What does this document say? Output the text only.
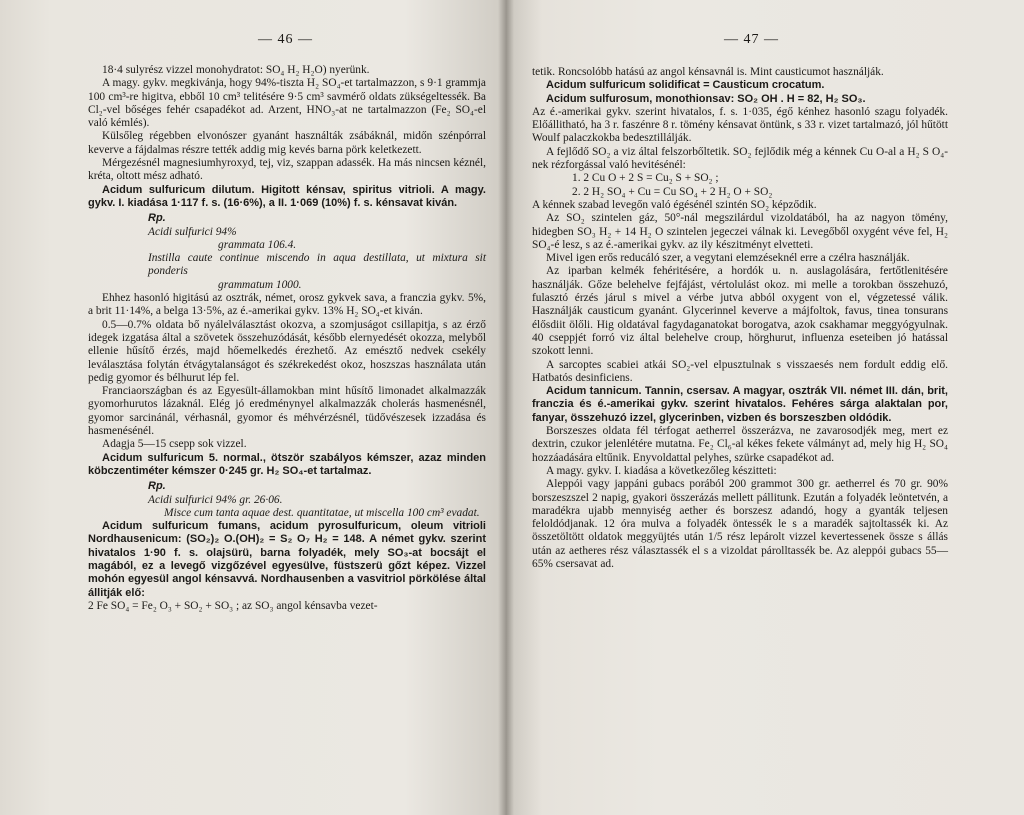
— 46 —

18·4 sulyrész vizzel monohydratot: SO₄ H₂ H₂O) nyerünk.

A magy. gykv. megkivánja, hogy 94%-tiszta H₂ SO₄-et tartalmazzon, s 9·1 grammja 100 cm³-re higitva, ebből 10 cm³ telitésére 9·5 cm³ savmérő oldats zükségeltessék. Ba Cl₂-vel bőséges fehér csapadékot ad. Arzent, HNO₃-at ne tartalmazzon (Fe₂ SO₄-el való kémlés).

Külsőleg régebben elvonószer gyanánt használták zsábáknál, midőn szénpórral keverve a fájdalmas részre tették addig mig kevés barna pörk keletkezett.

Mérgezésnél magnesiumhyroxyd, tej, viz, szappan adassék. Ha más nincsen kéznél, kréta, oltott mész adható.

Acidum sulfuricum dilutum. Higitott kénsav, spiritus vitrioli. A magy. gykv. I. kiadása 1·117 f. s. (16·6%), a II. 1·069 (10%) f. s. kénsavat kiván.

Rp.

Acidi sulfurici 94%

grammata 106.4.

Instilla caute continue miscendo in aqua destillata, ut mixtura sit ponderis

grammatum 1000.

Ehhez hasonló higitású az osztrák, német, orosz gykvek sava, a franczia gykv. 5%, a brit 11·14%, a belga 13·5%, az é.-amerikai gykv. 13% H₂ SO₄-et kiván.

0.5—0.7% oldata bő nyálelválasztást okozva, a szomjuságot csillapitja, s az érző idegek izgatása által a szövetek összehuzódását, később elernyedését okozza, melyből ellenie hűsítő érzés, majd hőemelkedés érezhető. Az emésztő nedvek csekély leválasztása folytán étvágytalanságot és székrekedést okoz, hoszszas használata után pedig gyomor és bélhurut lép fel.

Franciaországban és az Egyesült-államokban mint hűsítő limonadet alkalmazzák gyomorhurutos lázaknál. Elég jó eredménynyel alkalmazzák cholerás hasmenésnél, gyomor sarcinánál, vérhasnál, gyomor és méhvérzésnél, tüdővészesek izzadása és hasmenésénél.

Adagja 5—15 csepp sok vizzel.

Acidum sulfuricum 5. normal., ötször szabályos kémszer, azaz minden köbczentiméter kémszer 0·245 gr. H₂ SO₄-et tartalmaz.

Rp.

Acidi sulfurici 94% gr. 26·06.

Misce cum tanta aquae dest. quantitatae, ut miscella 100 cm³ evadat.

Acidum sulfuricum fumans, acidum pyrosulfuricum, oleum vitrioli Nordhausenicum: (SO₂)₂ O.(OH)₂ = S₂ O₇ H₂ = 148. A német gykv. szerint hivatalos 1·90 f. s. olajsürü, barna folyadék, mely SO₃-at bocsájt el magából, ez a levegő vizgőzével egyesülve, füstszerü gőzt képez. Vizzel mohón egyesül angol kénsavvá. Nordhausenben a vasvitriol pörkölése által állitják elő:

2 Fe SO₄ = Fe₂ O₃ + SO₂ + SO₃ ; az SO₃ angol kénsavba vezet-

— 47 —

tetik. Roncsolóbb hatású az angol kénsavnál is. Mint causticumot használják.

Acidum sulfuricum solidificat = Causticum crocatum.

Acidum sulfurosum, monothionsav: SO₂ OH . H = 82, H₂ SO₃.

Az é.-amerikai gykv. szerint hivatalos, f. s. 1·035, égő kénhez hasonló szagu folyadék. Előállitható, ha 3 r. faszénre 8 r. tömény kénsavat öntünk, s 33 r. vizet tartalmazó, jól hűtött Woulf palaczkokba bedesztillálják.

A fejlődő SO₂ a viz által felszorbőltetik. SO₂ fejlődik még a kénnek Cu O-al a H₂ S O₄-nek rézforgással való hevitésénél:

1. 2 Cu O + 2 S = Cu₂ S + SO₂ ;

2. 2 H₂ SO₄ + Cu = Cu SO₄ + 2 H₂ O + SO₂

A kénnek szabad levegőn való égésénél szintén SO₂ képződik.

Az SO₂ szintelen gáz, 50°-nál megszilárdul vizoldatából, ha az nagyon tömény, hidegben SO₃ H₂ + 14 H₂ O szintelen jegeczei válnak ki. Levegőből oxygént véve fel, H₂ SO₄-é lesz, s az é.-amerikai gykv. az ily készitményt elvetteti.

Mivel igen erős reducáló szer, a vegytani elemzéseknél erre a czélra használják.

Az iparban kelmék fehéritésére, a hordók u. n. auslagolására, fertőtlenitésére használják. Gőze belehelve fejfájást, vértolulást okoz. mi melle a torokban összehuzó, fulasztó érzés járul s mivel a vérbe jutva abból oxygent von el, végzetessé válik. Használják causticum gyanánt. Glycerinnel keverve a májfoltok, favus, tinea tonsurans élősdiit ölőli. Hig oldatával fagydaganatokat borogatva, azok csakhamar meggyógyulnak. 40 cseppjét forró viz által belehelve croup, hörghurut, influenza eseteiben jó hatással szokott lenni.

A sarcoptes scabiei atkái SO₂-vel elpusztulnak s visszaesés nem fordult eddig elő. Hatbatós desinficiens.

Acidum tannicum. Tannin, csersav. A magyar, osztrák VII. német III. dán, brit, franczia és é.-amerikai gykv. szerint hivatalos. Fehéres sárga alaktalan por, fanyar, összehuzó izzel, glycerinben, vizben és borszeszben oldódik.

Borszeszes oldata fél térfogat aetherrel összerázva, ne zavarosodjék meg, mert ez dextrin, czukor jelenlétére mutatna. Fe₂ Cl₆-al kékes fekete válmányt ad, mely hig H₂ SO₄ hozzáadására eltűnik. Enyvoldattal pelyhes, szürke csapadékot ad.

A magy. gykv. I. kiadása a következőleg készitteti:

Aleppói vagy jappáni gubacs porából 200 grammot 300 gr. aetherrel és 70 gr. 90% borszeszszel 2 napig, gyakori összerázás mellett pállitunk. Ezután a folyadék leöntetvén, a maradékra ujabb mennyiség aether és borszesz adandó, hogy a gyanták teljesen feloldódjanak. 12 óra mulva a folyadék öntessék le s a maradék sajtoltassék ki. Az összetöltött oldatok meggyüjtés után 1/5 rész lepárolt vizzel kevertessenek össze s állás után az aetheres rész választassék el s a vizoldat párolltassék be. Az aleppói gubacs 55—65% csersavat ad.
